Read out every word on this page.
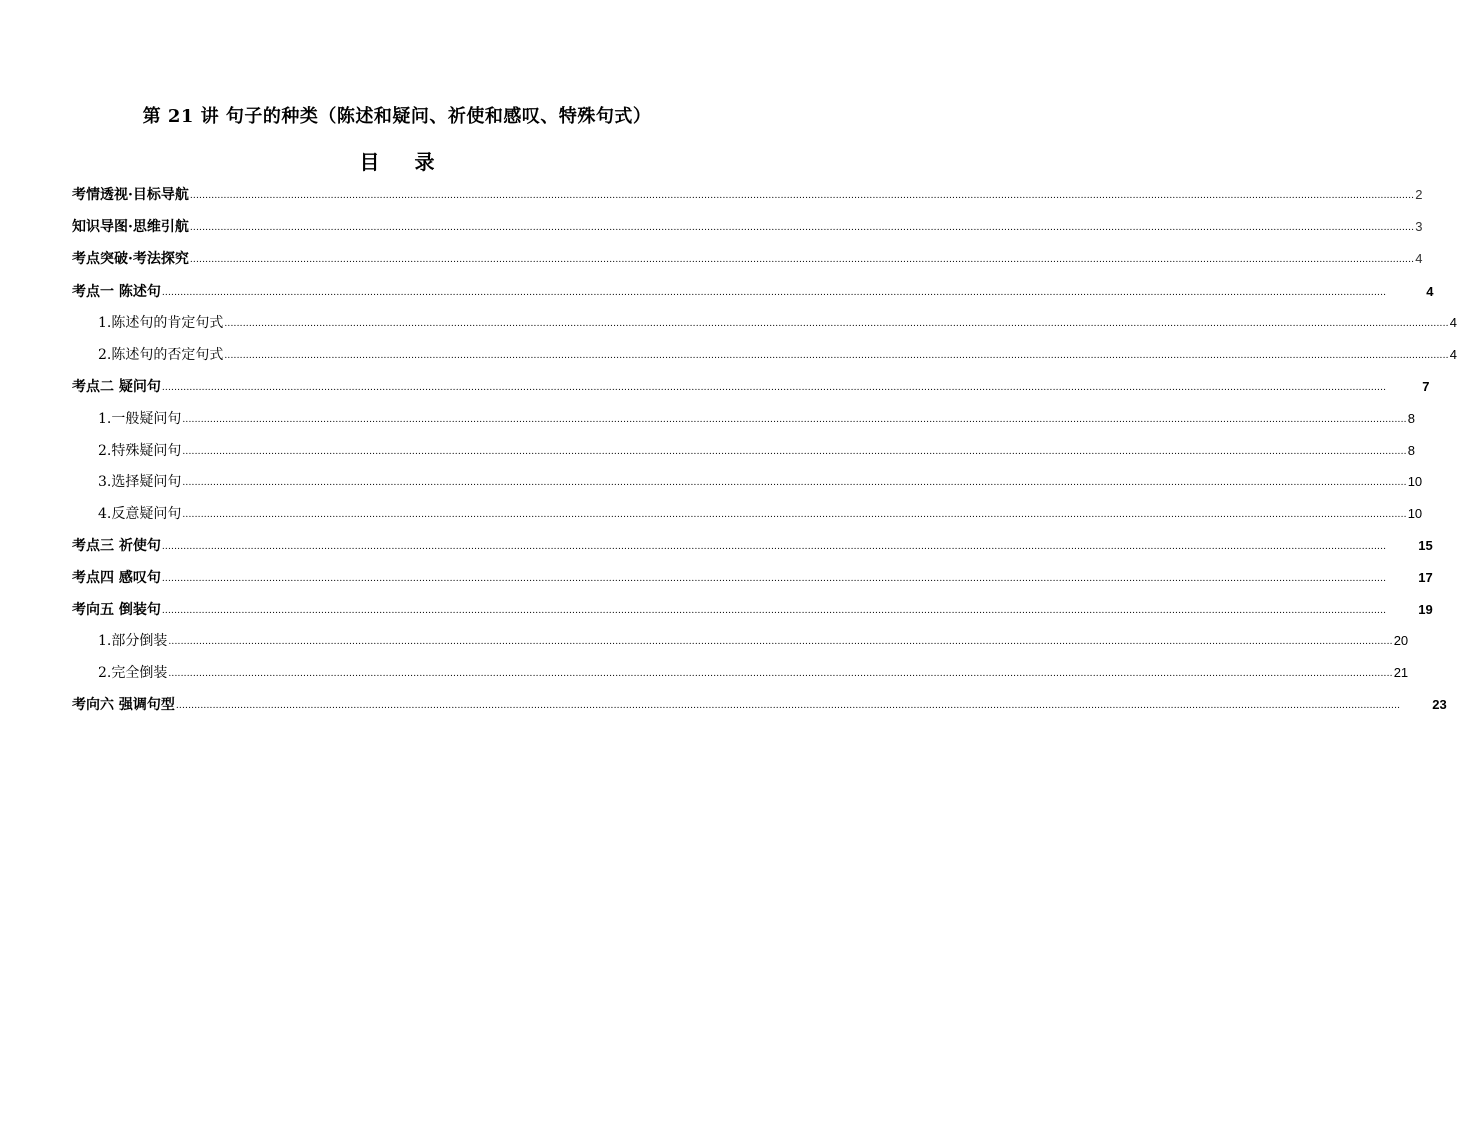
第 21 讲 句子的种类（陈述和疑问、祈使和感叹、特殊句式）
目 录
考情透视·目标导航 ................................................................................................................................................................................................................................................................................................................................................................................................................ 2
知识导图·思维引航 ................................................................................................................................................................................................................................................................................................................................................................................................................ 3
考点突破·考法探究 ................................................................................................................................................................................................................................................................................................................................................................................................................ 4
考点一 陈述句 ................................................................................................................................................................................................................................................................................................................................................................................................................	4
1.陈述句的肯定句式 ................................................................................................................................................................................................................................................................................................................................................................................................................ 4
2.陈述句的否定句式 ................................................................................................................................................................................................................................................................................................................................................................................................................ 4
考点二 疑问句 ................................................................................................................................................................................................................................................................................................................................................................................................................	7
1.一般疑问句 ................................................................................................................................................................................................................................................................................................................................................................................................................ 8
2.特殊疑问句 ................................................................................................................................................................................................................................................................................................................................................................................................................ 8
3.选择疑问句 ................................................................................................................................................................................................................................................................................................................................................................................................................ 10
4.反意疑问句 ................................................................................................................................................................................................................................................................................................................................................................................................................ 10
考点三 祈使句 ................................................................................................................................................................................................................................................................................................................................................................................................................ 15
考点四 感叹句 ................................................................................................................................................................................................................................................................................................................................................................................................................ 17
考向五 倒装句 ................................................................................................................................................................................................................................................................................................................................................................................................................ 19
1.部分倒装 ................................................................................................................................................................................................................................................................................................................................................................................................................ 20
2.完全倒装 ................................................................................................................................................................................................................................................................................................................................................................................................................ 21
考向六 强调句型 ................................................................................................................................................................................................................................................................................................................................................................................................................ 23
